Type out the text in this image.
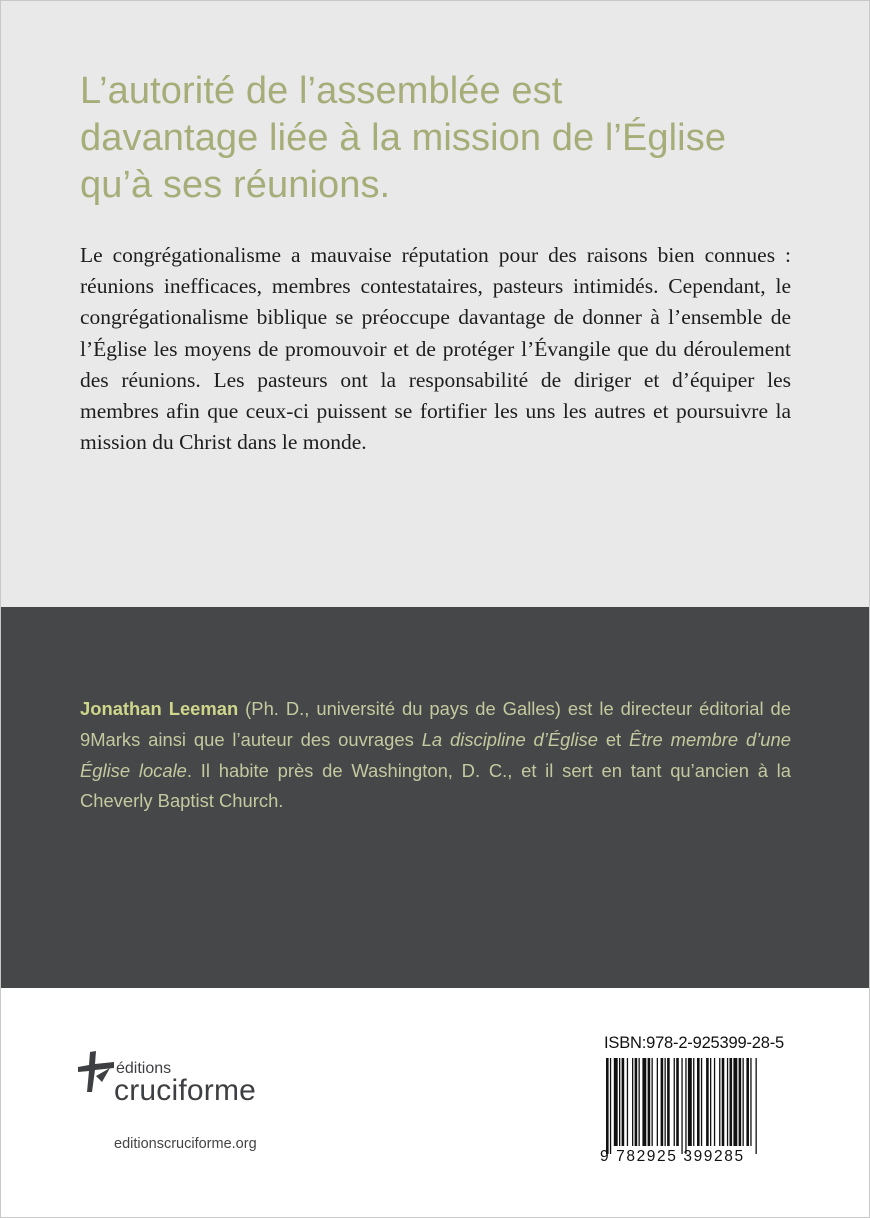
L’autorité de l’assemblée est
davantage liée à la mission de l’Église
qu’à ses réunions.

Le congrégationalisme a mauvaise réputation pour des raisons bien connues : réunions inefficaces, membres contestataires, pasteurs intimidés. Cependant, le congrégationalisme biblique se préoccupe davantage de donner à l’ensemble de l’Église les moyens de promouvoir et de protéger l’Évangile que du déroulement des réunions. Les pasteurs ont la responsabilité de diriger et d’équiper les membres afin que ceux-ci puissent se fortifier les uns les autres et poursuivre la mission du Christ dans le monde.

Jonathan Leeman (Ph. D., université du pays de Galles) est le directeur éditorial de 9Marks ainsi que l’auteur des ouvrages La discipline d’Église et Être membre d’une Église locale. Il habite près de Washington, D. C., et il sert en tant qu’ancien à la Cheverly Baptist Church.

éditions
cruciforme
editionscruciforme.org
ISBN:978-2-925399-28-5
9 782925 399285
